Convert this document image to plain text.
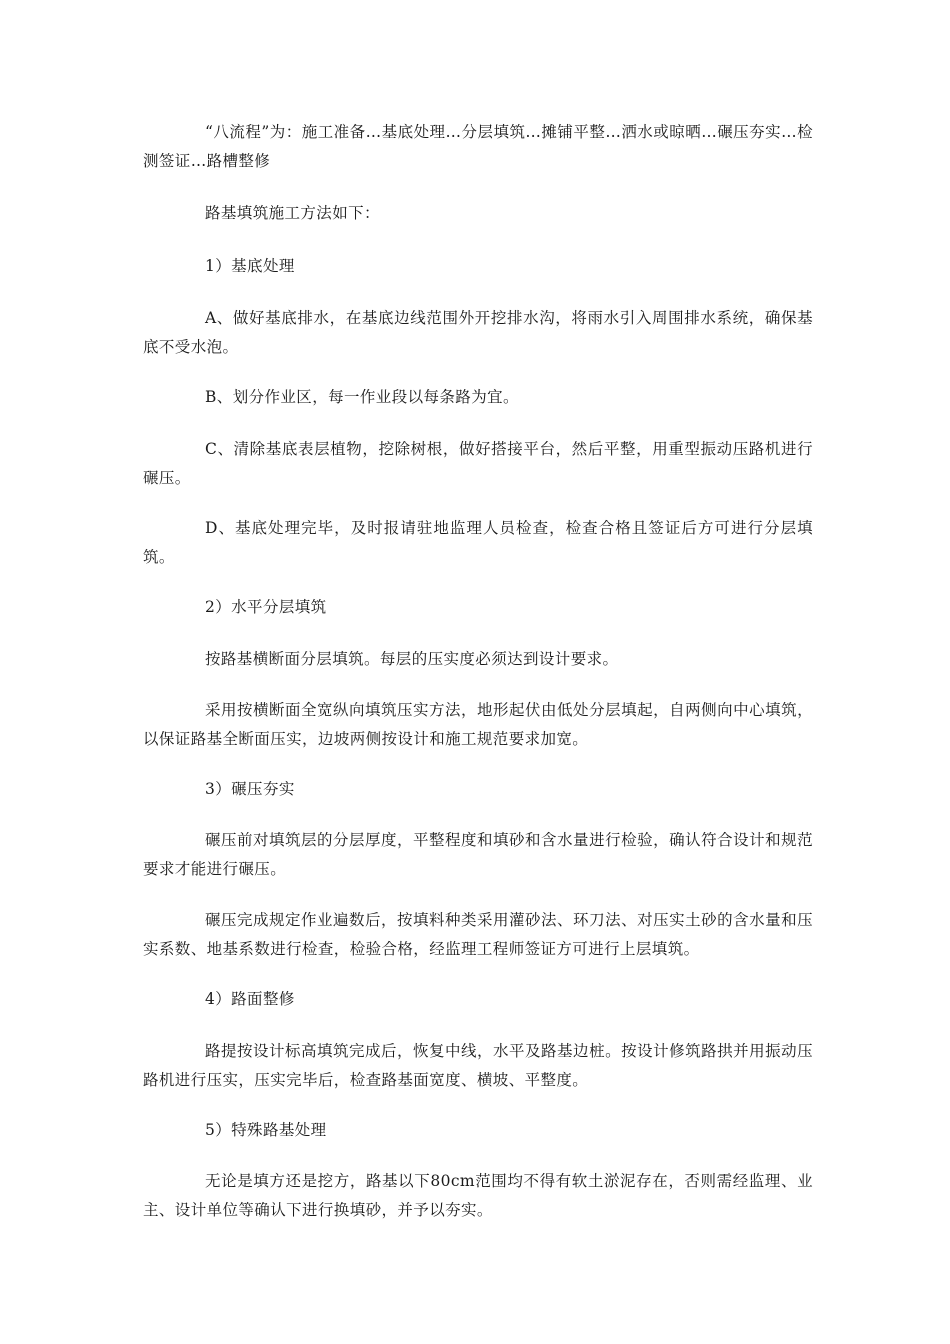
“八流程”为：施工准备…基底处理…分层填筑…摊铺平整…洒水或晾晒…碾压夯实…检测签证…路槽整修

路基填筑施工方法如下：

1）基底处理

A、做好基底排水，在基底边线范围外开挖排水沟，将雨水引入周围排水系统，确保基底不受水泡。

B、划分作业区，每一作业段以每条路为宜。

C、清除基底表层植物，挖除树根，做好搭接平台，然后平整，用重型振动压路机进行碾压。

D、基底处理完毕，及时报请驻地监理人员检查，检查合格且签证后方可进行分层填筑。

2）水平分层填筑

按路基横断面分层填筑。每层的压实度必须达到设计要求。

采用按横断面全宽纵向填筑压实方法，地形起伏由低处分层填起，自两侧向中心填筑，以保证路基全断面压实，边坡两侧按设计和施工规范要求加宽。

3）碾压夯实

碾压前对填筑层的分层厚度，平整程度和填砂和含水量进行检验，确认符合设计和规范要求才能进行碾压。

碾压完成规定作业遍数后，按填料种类采用灌砂法、环刀法、对压实土砂的含水量和压实系数、地基系数进行检查，检验合格，经监理工程师签证方可进行上层填筑。

4）路面整修

路提按设计标高填筑完成后，恢复中线，水平及路基边桩。按设计修筑路拱并用振动压路机进行压实，压实完毕后，检查路基面宽度、横坡、平整度。

5）特殊路基处理

无论是填方还是挖方，路基以下80cm范围均不得有软土淤泥存在，否则需经监理、业主、设计单位等确认下进行换填砂，并予以夯实。
